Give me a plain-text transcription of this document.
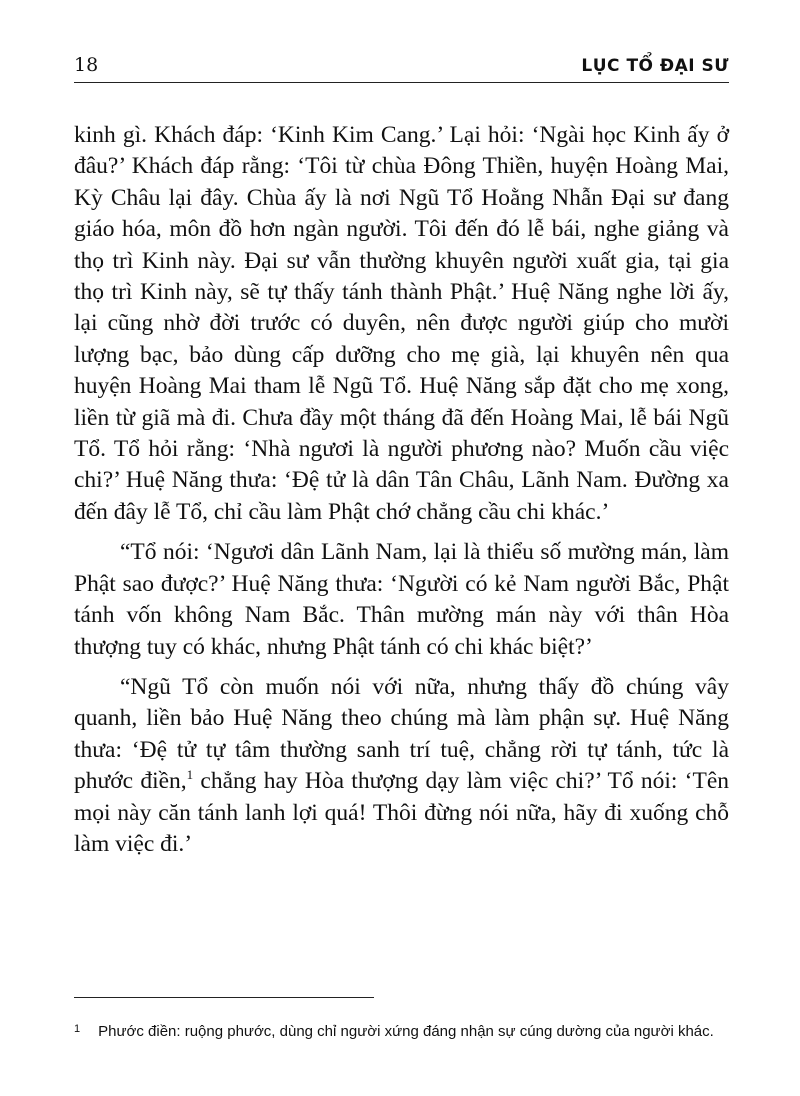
18	LỤC TỔ ĐẠI SƯ

kinh gì. Khách đáp: ‘Kinh Kim Cang.’ Lại hỏi: ‘Ngài học Kinh ấy ở đâu?’ Khách đáp rằng: ‘Tôi từ chùa Đông Thiền, huyện Hoàng Mai, Kỳ Châu lại đây. Chùa ấy là nơi Ngũ Tổ Hoằng Nhẫn Đại sư đang giáo hóa, môn đồ hơn ngàn người. Tôi đến đó lễ bái, nghe giảng và thọ trì Kinh này. Đại sư vẫn thường khuyên người xuất gia, tại gia thọ trì Kinh này, sẽ tự thấy tánh thành Phật.’ Huệ Năng nghe lời ấy, lại cũng nhờ đời trước có duyên, nên được người giúp cho mười lượng bạc, bảo dùng cấp dưỡng cho mẹ già, lại khuyên nên qua huyện Hoàng Mai tham lễ Ngũ Tổ. Huệ Năng sắp đặt cho mẹ xong, liền từ giã mà đi. Chưa đầy một tháng đã đến Hoàng Mai, lễ bái Ngũ Tổ. Tổ hỏi rằng: ‘Nhà ngươi là người phương nào? Muốn cầu việc chi?’ Huệ Năng thưa: ‘Đệ tử là dân Tân Châu, Lãnh Nam. Đường xa đến đây lễ Tổ, chỉ cầu làm Phật chớ chẳng cầu chi khác.’

“Tổ nói: ‘Ngươi dân Lãnh Nam, lại là thiểu số mường mán, làm Phật sao được?’ Huệ Năng thưa: ‘Người có kẻ Nam người Bắc, Phật tánh vốn không Nam Bắc. Thân mường mán này với thân Hòa thượng tuy có khác, nhưng Phật tánh có chi khác biệt?’

“Ngũ Tổ còn muốn nói với nữa, nhưng thấy đồ chúng vây quanh, liền bảo Huệ Năng theo chúng mà làm phận sự. Huệ Năng thưa: ‘Đệ tử tự tâm thường sanh trí tuệ, chẳng rời tự tánh, tức là phước điền,$^1$ chẳng hay Hòa thượng dạy làm việc chi?’ Tổ nói: ‘Tên mọi này căn tánh lanh lợi quá! Thôi đừng nói nữa, hãy đi xuống chỗ làm việc đi.’

$^1$ Phước điền: ruộng phước, dùng chỉ người xứng đáng nhận sự cúng dường của người khác.
